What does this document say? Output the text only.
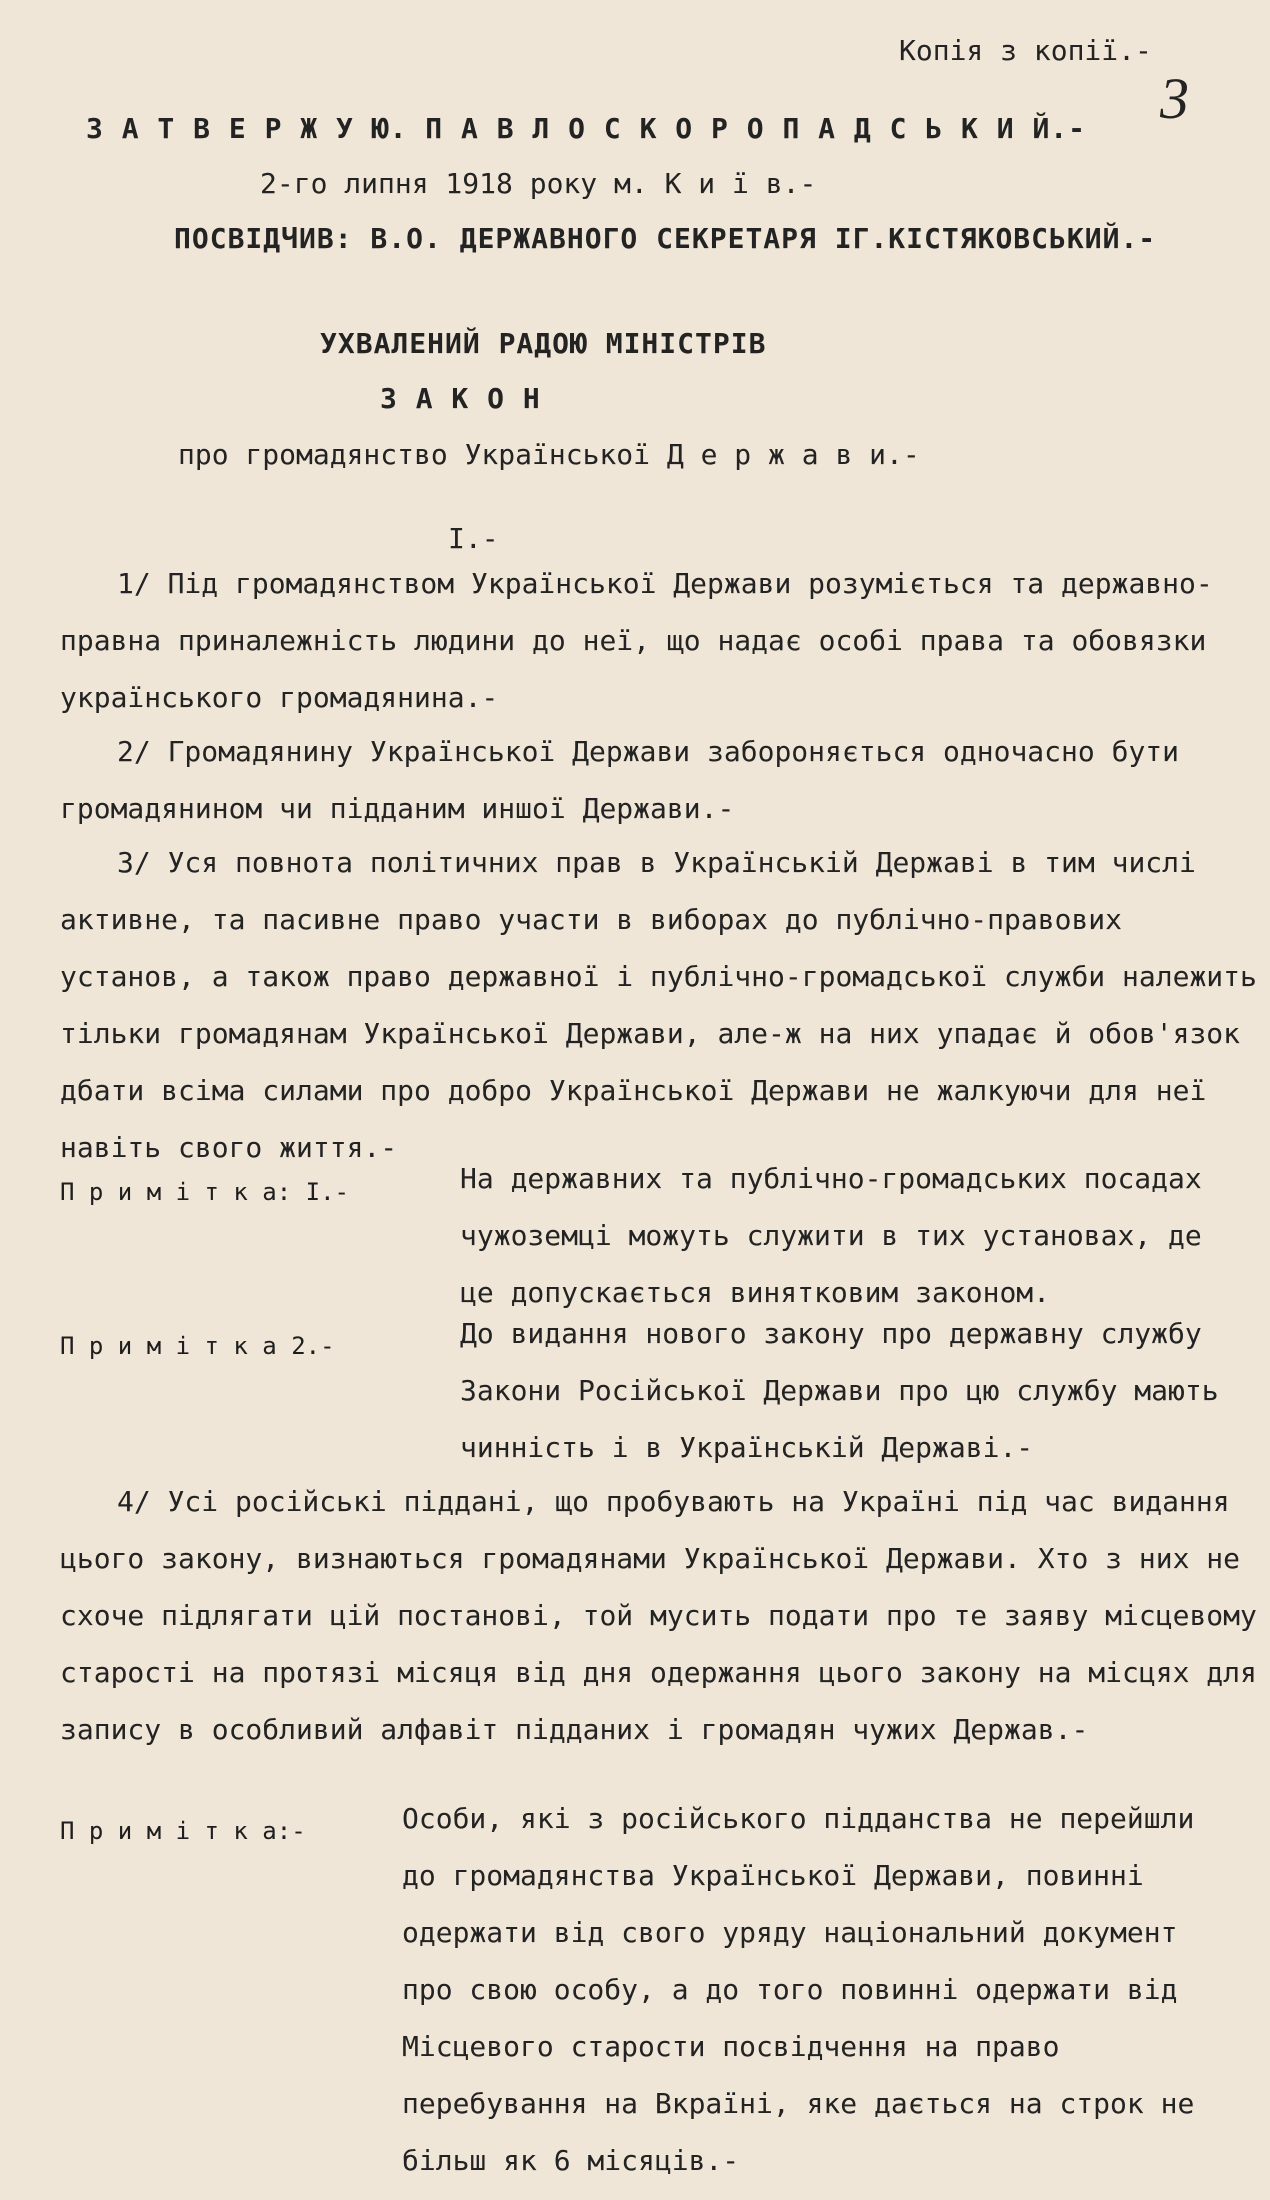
Копія з копії.-
3
З А Т В Е Р Ж У Ю. П А В Л О С К О Р О П А Д С Ь К И Й.-
2-го липня 1918 року м. К и ї в.-
ПОСВІДЧИВ: В.О. ДЕРЖАВНОГО СЕКРЕТАРЯ ІГ.КІСТЯКОВСЬКИЙ.-
УХВАЛЕНИЙ РАДОЮ МІНІСТРІВ
З А К О Н
про громадянство Української Д е р ж а в и.-
І.-
1/ Під громадянством Української Держави розуміється та державно-правна приналежність людини до неї, що надає особі права та обовязки українського громадянина.-
2/ Громадянину Української Держави забороняється одночасно бути громадянином чи підданим иншої Держави.-
3/ Уся повнота політичних прав в Українській Державі в тим числі активне, та пасивне право участи в виборах до публічно-правових установ, а також право державної і публічно-громадської служби належить тільки громадянам Української Держави, але-ж на них упадає й обов'язок дбати всіма силами про добро Української Держави не жалкуючи для неї навіть свого життя.-
П р и м і т к а: І.-	На державних та публічно-громадських посадах чужоземці можуть служити в тих установах, де це допускається винятковим законом.
П р и м і т к а 2.-	До видання нового закону про державну службу Закони Російської Держави про цю службу мають чинність і в Українській Державі.-
4/ Усі російські піддані, що пробувають на Україні під час видання цього закону, визнаються громадянами Української Держави. Хто з них не схоче підлягати цій постанові, той мусить подати про те заяву місцевому старості на протязі місяця від дня одержання цього закону на місцях для запису в особливий алфавіт підданих і громадян чужих Держав.-
П р и м і т к а:-	Особи, які з російського підданства не перейшли до громадянства Української Держави, повинні одержати від свого уряду національний документ про свою особу, а до того повинні одержати від Місцевого старости посвідчення на право перебування на Вкраїні, яке дається на строк не більш як 6 місяців.-
